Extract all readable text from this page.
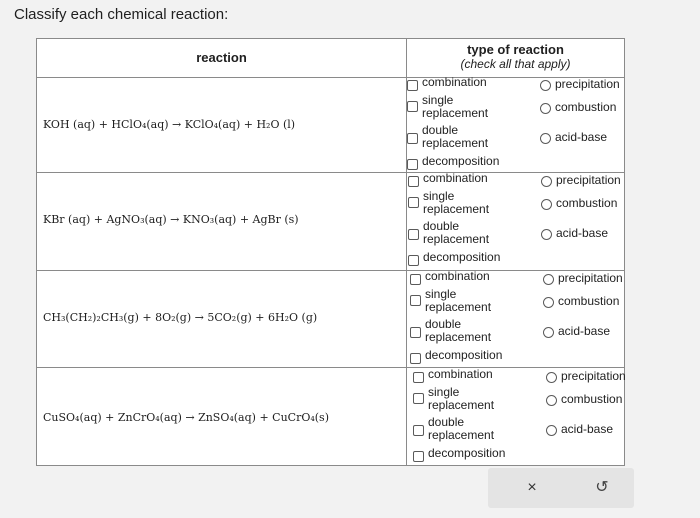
Classify each chemical reaction:
reaction
type of reaction
(check all that apply)
KOH (aq) + HClO₄(aq) → KClO₄(aq) + H₂O (l)
KBr (aq) + AgNO₃(aq) → KNO₃(aq) + AgBr (s)
CH₃(CH₂)₂CH₃(g) + 8O₂(g) → 5CO₂(g) + 6H₂O (g)
CuSO₄(aq) + ZnCrO₄(aq) → ZnSO₄(aq) + CuCrO₄(s)
combination
single
replacement
double
replacement
decomposition
precipitation
combustion
acid-base
combination
single
replacement
double
replacement
decomposition
precipitation
combustion
acid-base
combination
single
replacement
double
replacement
decomposition
precipitation
combustion
acid-base
combination
single
replacement
double
replacement
decomposition
precipitation
combustion
acid-base
×	↺
